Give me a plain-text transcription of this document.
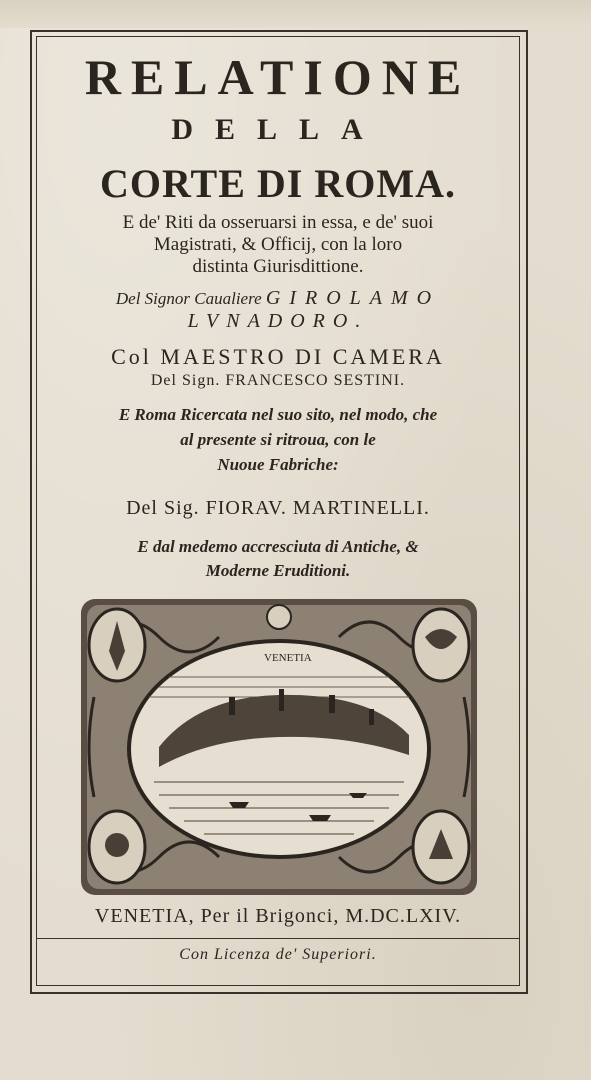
RELATIONE
DELLA
CORTE DI ROMA.
E de' Riti da osseruarsi in essa, e de' suoi
Magistrati, & Officij, con la loro
distinta Giurisdittione.
Del Signor Caualiere GIROLAMO
LVNADORO.
Col MAESTRO DI CAMERA
Del Sign. FRANCESCO SESTINI.
E Roma Ricercata nel suo sito, nel modo, che
al presente si ritroua, con le
Nuoue Fabriche:
Del Sig. FIORAV. MARTINELLI.
E dal medemo accresciuta di Antiche, &
Moderne Eruditioni.
VENETIA
VENETIA, Per il Brigonci, M.DC.LXIV.
Con Licenza de' Superiori.
